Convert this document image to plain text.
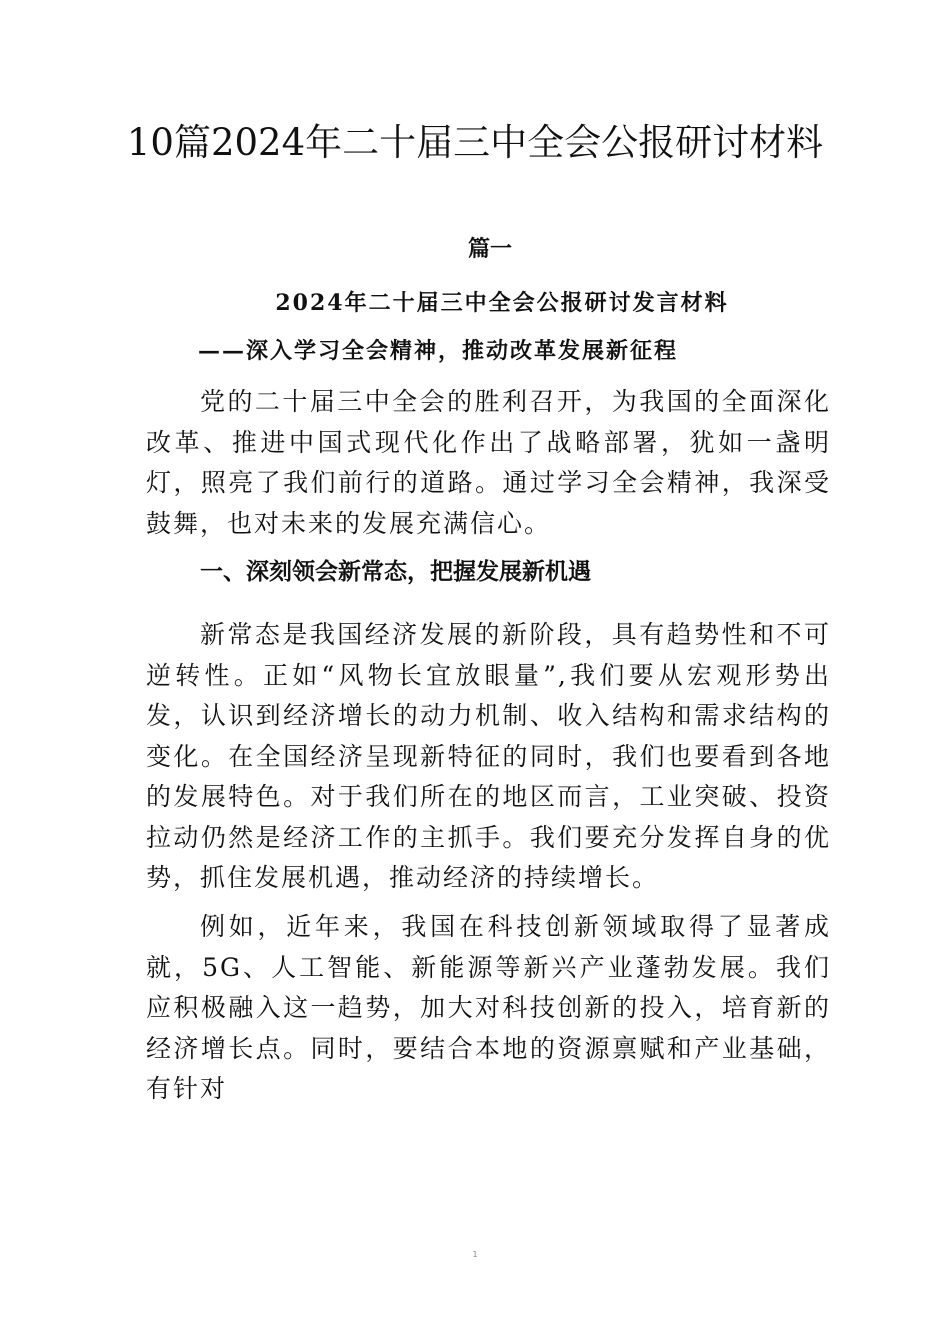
10篇2024年二十届三中全会公报研讨材料
篇一
2024年二十届三中全会公报研讨发言材料
——深入学习全会精神，推动改革发展新征程

党的二十届三中全会的胜利召开，为我国的全面深化改革、推进中国式现代化作出了战略部署，犹如一盏明灯，照亮了我们前行的道路。通过学习全会精神，我深受鼓舞，也对未来的发展充满信心。

一、深刻领会新常态，把握发展新机遇

新常态是我国经济发展的新阶段，具有趋势性和不可逆转性。正如“风物长宜放眼量”,我们要从宏观形势出发，认识到经济增长的动力机制、收入结构和需求结构的变化。在全国经济呈现新特征的同时，我们也要看到各地的发展特色。对于我们所在的地区而言，工业突破、投资拉动仍然是经济工作的主抓手。我们要充分发挥自身的优势，抓住发展机遇，推动经济的持续增长。

例如，近年来，我国在科技创新领域取得了显著成就，5G、人工智能、新能源等新兴产业蓬勃发展。我们应积极融入这一趋势，加大对科技创新的投入，培育新的经济增长点。同时，要结合本地的资源禀赋和产业基础，有针对

1
